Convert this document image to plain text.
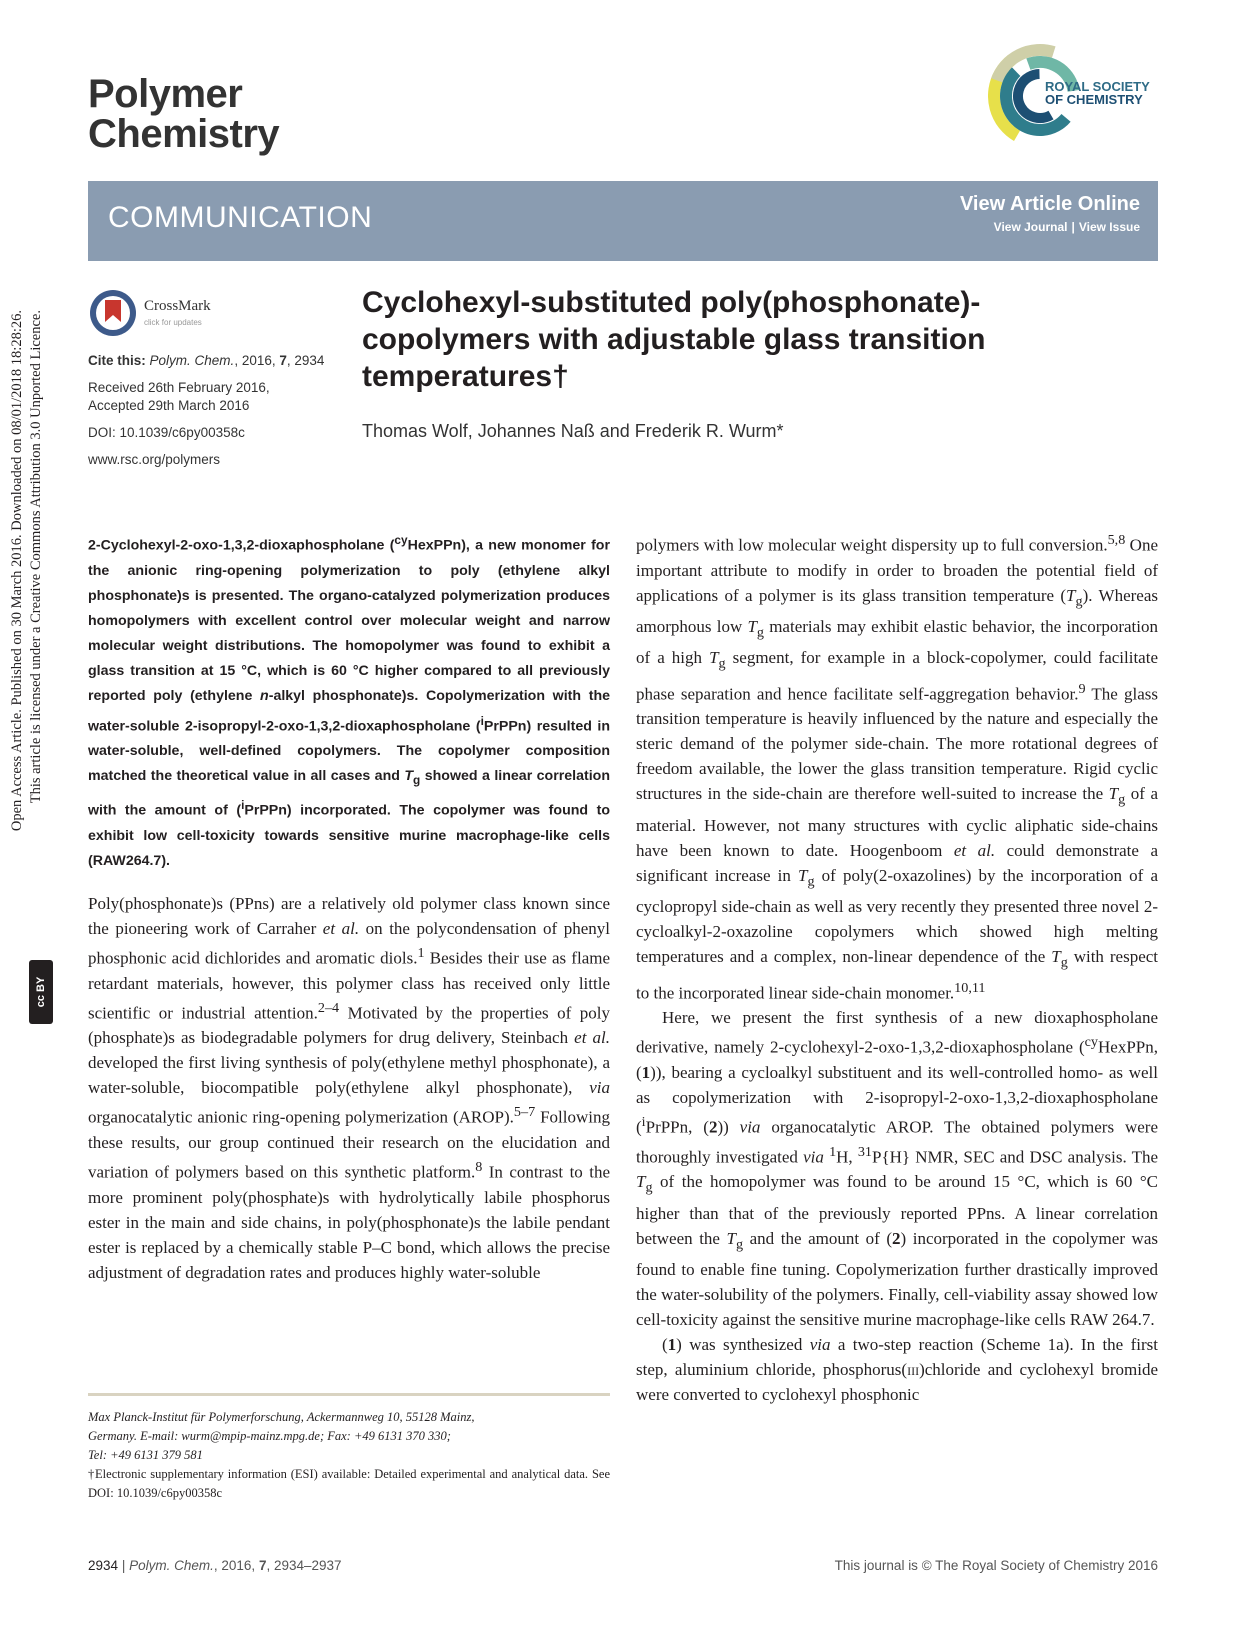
Polymer
Chemistry
ROYAL SOCIETY
OF CHEMISTRY
COMMUNICATION	View Article Online
View Journal | View Issue
CrossMark
click for updates

Cite this: Polym. Chem., 2016, 7, 2934

Received 26th February 2016,
Accepted 29th March 2016

DOI: 10.1039/c6py00358c

www.rsc.org/polymers

Cyclohexyl-substituted poly(phosphonate)-copolymers with adjustable glass transition temperatures†
Thomas Wolf, Johannes Naß and Frederik R. Wurm*
2-Cyclohexyl-2-oxo-1,3,2-dioxaphospholane ($^{cy}$HexPPn), a new monomer for the anionic ring-opening polymerization to poly (ethylene alkyl phosphonate)s is presented. The organo-catalyzed polymerization produces homopolymers with excellent control over molecular weight and narrow molecular weight distributions. The homopolymer was found to exhibit a glass transition at 15 °C, which is 60 °C higher compared to all previously reported poly (ethylene n-alkyl phosphonate)s. Copolymerization with the water-soluble 2-isopropyl-2-oxo-1,3,2-dioxaphospholane ($^i$PrPPn) resulted in water-soluble, well-defined copolymers. The copolymer composition matched the theoretical value in all cases and $T_g$ showed a linear correlation with the amount of ($^i$PrPPn) incorporated. The copolymer was found to exhibit low cell-toxicity towards sensitive murine macrophage-like cells (RAW264.7).

Poly(phosphonate)s (PPns) are a relatively old polymer class known since the pioneering work of Carraher et al. on the polycondensation of phenyl phosphonic acid dichlorides and aromatic diols.$^1$ Besides their use as flame retardant materials, however, this polymer class has received only little scientific or industrial attention.$^{2-4}$ Motivated by the properties of poly (phosphate)s as biodegradable polymers for drug delivery, Steinbach et al. developed the first living synthesis of poly(ethylene methyl phosphonate), a water-soluble, biocompatible poly(ethylene alkyl phosphonate), via organocatalytic anionic ring-opening polymerization (AROP).$^{5-7}$ Following these results, our group continued their research on the elucidation and variation of polymers based on this synthetic platform.$^8$ In contrast to the more prominent poly(phosphate)s with hydrolytically labile phosphorus ester in the main and side chains, in poly(phosphonate)s the labile pendant ester is replaced by a chemically stable P–C bond, which allows the precise adjustment of degradation rates and produces highly water-soluble

polymers with low molecular weight dispersity up to full conversion.$^{5,8}$ One important attribute to modify in order to broaden the potential field of applications of a polymer is its glass transition temperature $(T_g)$. Whereas amorphous low $T_g$ materials may exhibit elastic behavior, the incorporation of a high $T_g$ segment, for example in a block-copolymer, could facilitate phase separation and hence facilitate self-aggregation behavior.$^9$ The glass transition temperature is heavily influenced by the nature and especially the steric demand of the polymer side-chain. The more rotational degrees of freedom available, the lower the glass transition temperature. Rigid cyclic structures in the side-chain are therefore well-suited to increase the $T_g$ of a material. However, not many structures with cyclic aliphatic side-chains have been known to date. Hoogenboom et al. could demonstrate a significant increase in $T_g$ of poly(2-oxazolines) by the incorporation of a cyclopropyl side-chain as well as very recently they presented three novel 2-cycloalkyl-2-oxazoline copolymers which showed high melting temperatures and a complex, non-linear dependence of the $T_g$ with respect to the incorporated linear side-chain monomer.$^{10,11}$

Here, we present the first synthesis of a new dioxaphospholane derivative, namely 2-cyclohexyl-2-oxo-1,3,2-dioxaphospholane ($^{cy}$HexPPn, (1)), bearing a cycloalkyl substituent and its well-controlled homo- as well as copolymerization with 2-isopropyl-2-oxo-1,3,2-dioxaphospholane ($^i$PrPPn, (2)) via organocatalytic AROP. The obtained polymers were thoroughly investigated via $^1$H, $^{31}$P{H} NMR, SEC and DSC analysis. The $T_g$ of the homopolymer was found to be around 15 °C, which is 60 °C higher than that of the previously reported PPns. A linear correlation between the $T_g$ and the amount of (2) incorporated in the copolymer was found to enable fine tuning. Copolymerization further drastically improved the water-solubility of the polymers. Finally, cell-viability assay showed low cell-toxicity against the sensitive murine macrophage-like cells RAW 264.7.

(1) was synthesized via a two-step reaction (Scheme 1a). In the first step, aluminium chloride, phosphorus(iii)chloride and cyclohexyl bromide were converted to cyclohexyl phosphonic

Max Planck-Institut für Polymerforschung, Ackermannweg 10, 55128 Mainz,

Germany. E-mail: wurm@mpip-mainz.mpg.de; Fax: +49 6131 370 330;

Tel: +49 6131 379 581

†Electronic supplementary information (ESI) available: Detailed experimental and analytical data. See DOI: 10.1039/c6py00358c

2934 | Polym. Chem., 2016, 7, 2934–2937	This journal is © The Royal Society of Chemistry 2016
Open Access Article. Published on 30 March 2016. Downloaded on 08/01/2018 18:28:26. This article is licensed under a Creative Commons Attribution 3.0 Unported Licence.
cc BY
